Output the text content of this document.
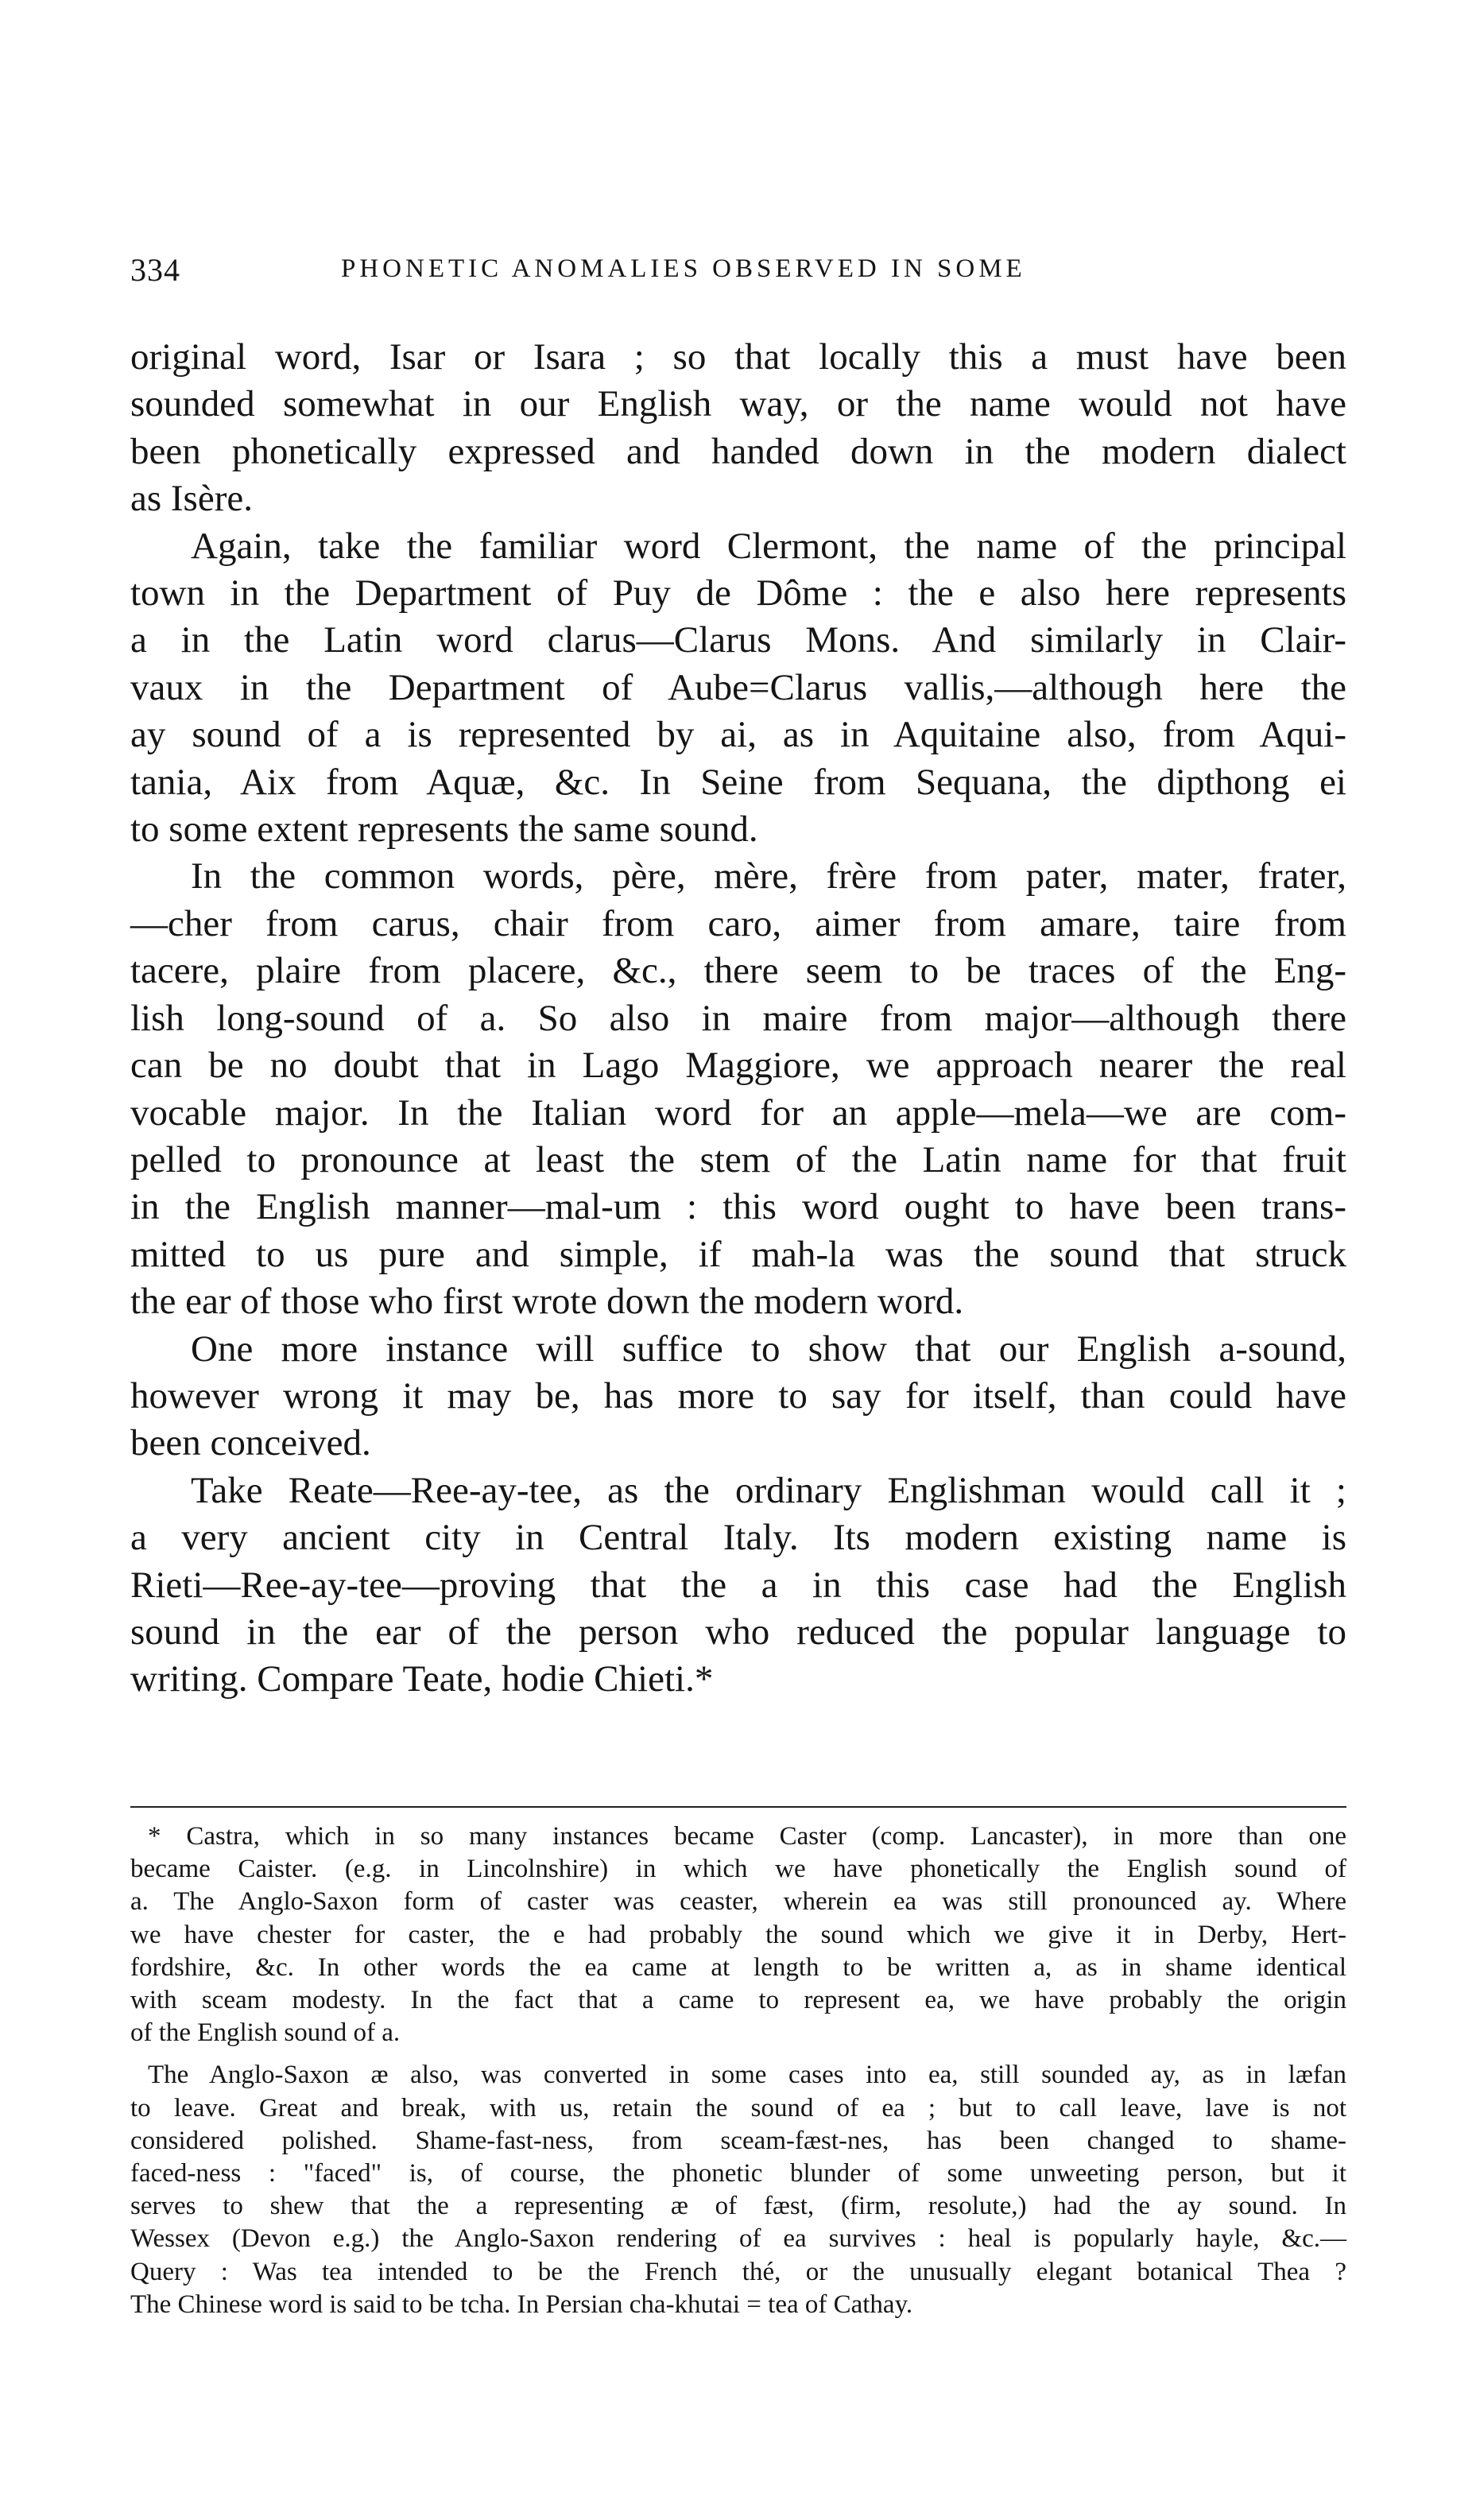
334	PHONETIC ANOMALIES OBSERVED IN SOME

original word, Isar or Isara ; so that locally this a must have been
sounded somewhat in our English way, or the name would not have
been phonetically expressed and handed down in the modern dialect
as Isère.

Again, take the familiar word Clermont, the name of the principal
town in the Department of Puy de Dôme : the e also here represents
a in the Latin word clarus—Clarus Mons. And similarly in Clair-
vaux in the Department of Aube=Clarus vallis,—although here the
ay sound of a is represented by ai, as in Aquitaine also, from Aqui-
tania, Aix from Aquæ, &c. In Seine from Sequana, the dipthong ei
to some extent represents the same sound.

In the common words, père, mère, frère from pater, mater, frater,
—cher from carus, chair from caro, aimer from amare, taire from
tacere, plaire from placere, &c., there seem to be traces of the Eng-
lish long-sound of a. So also in maire from major—although there
can be no doubt that in Lago Maggiore, we approach nearer the real
vocable major. In the Italian word for an apple—mela—we are com-
pelled to pronounce at least the stem of the Latin name for that fruit
in the English manner—mal-um : this word ought to have been trans-
mitted to us pure and simple, if mah-la was the sound that struck
the ear of those who first wrote down the modern word.

One more instance will suffice to show that our English a-sound,
however wrong it may be, has more to say for itself, than could have
been conceived.

Take Reate—Ree-ay-tee, as the ordinary Englishman would call it ;
a very ancient city in Central Italy. Its modern existing name is
Rieti—Ree-ay-tee—proving that the a in this case had the English
sound in the ear of the person who reduced the popular language to
writing. Compare Teate, hodie Chieti.*

* Castra, which in so many instances became Caster (comp. Lancaster), in more than one
became Caister. (e.g. in Lincolnshire) in which we have phonetically the English sound of
a. The Anglo-Saxon form of caster was ceaster, wherein ea was still pronounced ay. Where
we have chester for caster, the e had probably the sound which we give it in Derby, Hert-
fordshire, &c. In other words the ea came at length to be written a, as in shame identical
with sceam modesty. In the fact that a came to represent ea, we have probably the origin
of the English sound of a.

The Anglo-Saxon æ also, was converted in some cases into ea, still sounded ay, as in læfan
to leave. Great and break, with us, retain the sound of ea ; but to call leave, lave is not
considered polished. Shame-fast-ness, from sceam-fæst-nes, has been changed to shame-
faced-ness : "faced" is, of course, the phonetic blunder of some unweeting person, but it
serves to shew that the a representing æ of fæst, (firm, resolute,) had the ay sound. In
Wessex (Devon e.g.) the Anglo-Saxon rendering of ea survives : heal is popularly hayle, &c.—
Query : Was tea intended to be the French thé, or the unusually elegant botanical Thea ?
The Chinese word is said to be tcha. In Persian cha-khutai = tea of Cathay.
